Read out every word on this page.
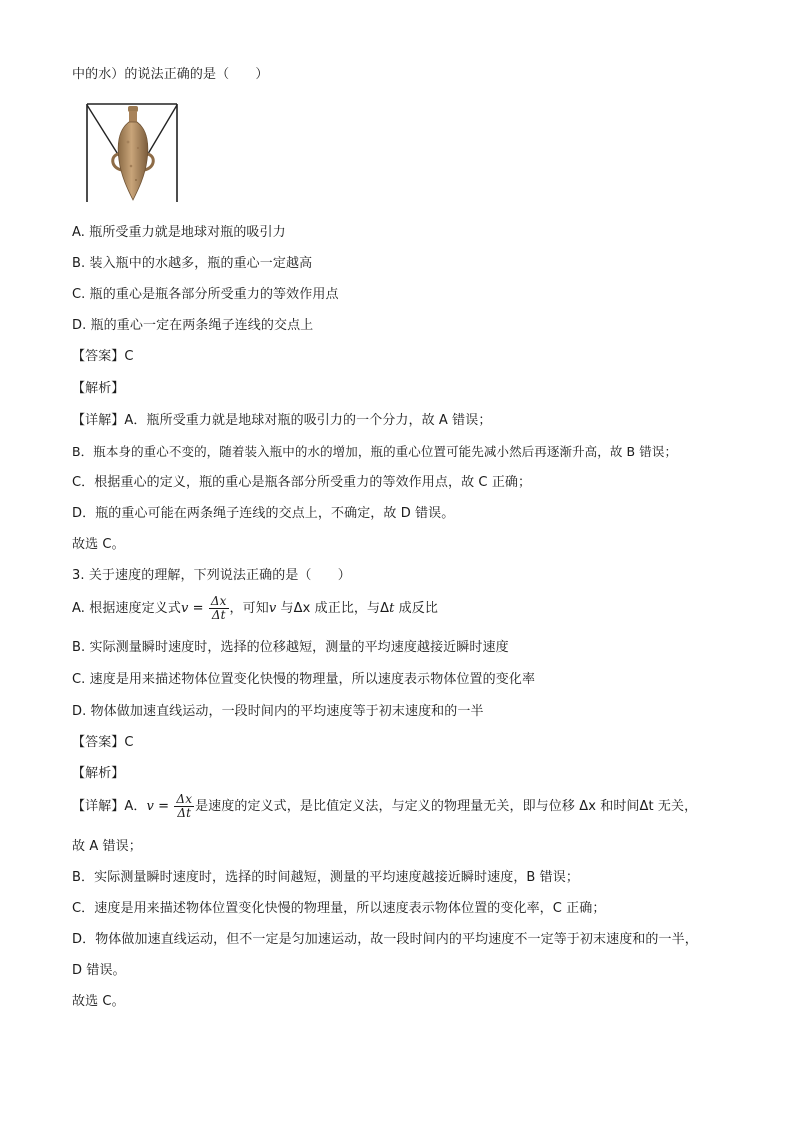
中的水）的说法正确的是（　　）
A. 瓶所受重力就是地球对瓶的吸引力
B. 装入瓶中的水越多，瓶的重心一定越高
C. 瓶的重心是瓶各部分所受重力的等效作用点
D. 瓶的重心一定在两条绳子连线的交点上
【答案】C
【解析】
【详解】A．瓶所受重力就是地球对瓶的吸引力的一个分力，故 A 错误；
B．瓶本身的重心不变的，随着装入瓶中的水的增加，瓶的重心位置可能先减小然后再逐渐升高，故 B 错误；
C．根据重心的定义，瓶的重心是瓶各部分所受重力的等效作用点，故 C 正确；
D．瓶的重心可能在两条绳子连线的交点上，不确定，故 D 错误。
故选 C。
3. 关于速度的理解，下列说法正确的是（　　）
A. 根据速度定义式$v = \frac{\Delta x}{\Delta t}$ ，可知v 与Δx 成正比，与Δt 成反比
B. 实际测量瞬时速度时，选择的位移越短，测量的平均速度越接近瞬时速度
C. 速度是用来描述物体位置变化快慢的物理量，所以速度表示物体位置的变化率
D. 物体做加速直线运动，一段时间内的平均速度等于初末速度和的一半
【答案】C
【解析】
【详解】A．$v = \frac{\Delta x}{\Delta t}$ 是速度的定义式，是比值定义法，与定义的物理量无关，即与位移 Δx 和时间Δt 无关，
故 A 错误；
B．实际测量瞬时速度时，选择的时间越短，测量的平均速度越接近瞬时速度，B 错误；
C．速度是用来描述物体位置变化快慢的物理量，所以速度表示物体位置的变化率，C 正确；
D．物体做加速直线运动，但不一定是匀加速运动，故一段时间内的平均速度不一定等于初末速度和的一半，
D 错误。
故选 C。
